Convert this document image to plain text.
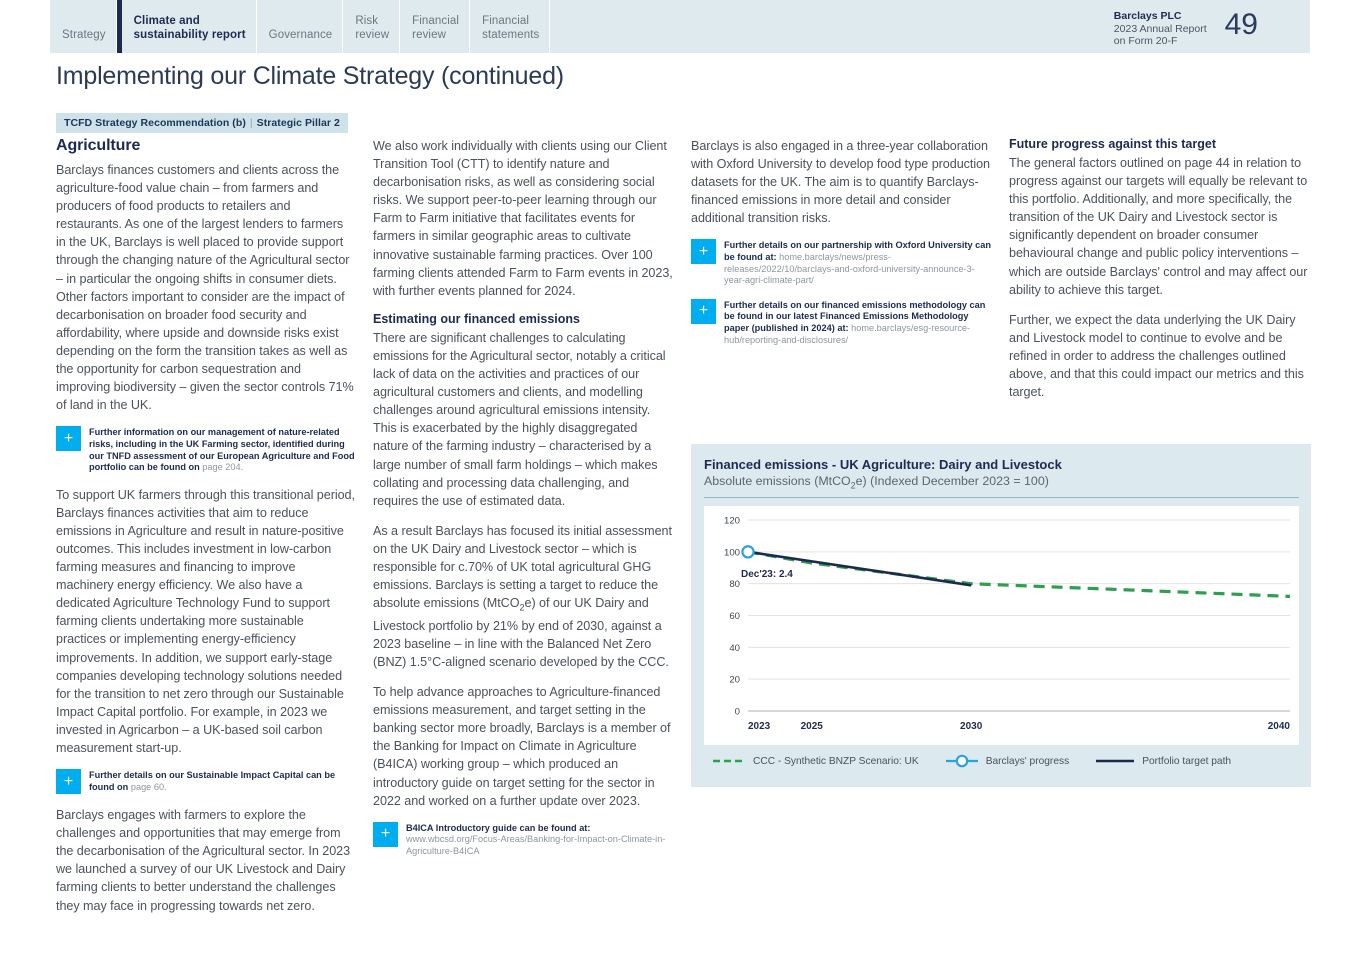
Strategy
Climate and
sustainability report Governance
Risk
review
Financial
review
Financial
statements
Barclays PLC
2023 Annual Report
on Form 20-F	49
Implementing our Climate Strategy (continued)
TCFD Strategy Recommendation (b) | Strategic Pillar 2
Agriculture

Barclays finances customers and clients across the agriculture-food value chain – from farmers and producers of food products to retailers and restaurants. As one of the largest lenders to farmers in the UK, Barclays is well placed to provide support through the changing nature of the Agricultural sector – in particular the ongoing shifts in consumer diets. Other factors important to consider are the impact of decarbonisation on broader food security and affordability, where upside and downside risks exist depending on the form the transition takes as well as the opportunity for carbon sequestration and improving biodiversity – given the sector controls 71% of land in the UK.

+	Further information on our management of nature-related risks, including in the UK Farming sector, identified during our TNFD assessment of our European Agriculture and Food portfolio can be found on page 204.

To support UK farmers through this transitional period, Barclays finances activities that aim to reduce emissions in Agriculture and result in nature-positive outcomes. This includes investment in low-carbon farming measures and financing to improve machinery energy efficiency. We also have a dedicated Agriculture Technology Fund to support farming clients undertaking more sustainable practices or implementing energy-efficiency improvements. In addition, we support early-stage companies developing technology solutions needed for the transition to net zero through our Sustainable Impact Capital portfolio. For example, in 2023 we invested in Agricarbon – a UK-based soil carbon measurement start-up.

+	Further details on our Sustainable Impact Capital can be found on page 60.

Barclays engages with farmers to explore the challenges and opportunities that may emerge from the decarbonisation of the Agricultural sector. In 2023 we launched a survey of our UK Livestock and Dairy farming clients to better understand the challenges they may face in progressing towards net zero.

We also work individually with clients using our Client Transition Tool (CTT) to identify nature and decarbonisation risks, as well as considering social risks. We support peer-to-peer learning through our Farm to Farm initiative that facilitates events for farmers in similar geographic areas to cultivate innovative sustainable farming practices. Over 100 farming clients attended Farm to Farm events in 2023, with further events planned for 2024.

Estimating our financed emissions

There are significant challenges to calculating emissions for the Agricultural sector, notably a critical lack of data on the activities and practices of our agricultural customers and clients, and modelling challenges around agricultural emissions intensity. This is exacerbated by the highly disaggregated nature of the farming industry – characterised by a large number of small farm holdings – which makes collating and processing data challenging, and requires the use of estimated data.

As a result Barclays has focused its initial assessment on the UK Dairy and Livestock sector – which is responsible for c.70% of UK total agricultural GHG emissions. Barclays is setting a target to reduce the absolute emissions (MtCO$_2$e) of our UK Dairy and Livestock portfolio by 21% by end of 2030, against a 2023 baseline – in line with the Balanced Net Zero (BNZ) 1.5°C-aligned scenario developed by the CCC.

To help advance approaches to Agriculture-financed emissions measurement, and target setting in the banking sector more broadly, Barclays is a member of the Banking for Impact on Climate in Agriculture (B4ICA) working group – which produced an introductory guide on target setting for the sector in 2022 and worked on a further update over 2023.

+	B4ICA Introductory guide can be found at: www.wbcsd.org/Focus-Areas/Banking-for-Impact-on-Climate-in-Agriculture-B4ICA

Barclays is also engaged in a three-year collaboration with Oxford University to develop food type production datasets for the UK. The aim is to quantify Barclays-financed emissions in more detail and consider additional transition risks.

+	Further details on our partnership with Oxford University can be found at: home.barclays/news/press-releases/2022/10/barclays-and-oxford-university-announce-3-year-agri-climate-part/
+	Further details on our financed emissions methodology can be found in our latest Financed Emissions Methodology paper (published in 2024) at: home.barclays/esg-resource-hub/reporting-and-disclosures/
Future progress against this target

The general factors outlined on page 44 in relation to progress against our targets will equally be relevant to this portfolio. Additionally, and more specifically, the transition of the UK Dairy and Livestock sector is significantly dependent on broader consumer behavioural change and public policy interventions – which are outside Barclays' control and may affect our ability to achieve this target.

Further, we expect the data underlying the UK Dairy and Livestock model to continue to evolve and be refined in order to address the challenges outlined above, and that this could impact our metrics and this target.

Financed emissions - UK Agriculture: Dairy and Livestock
Absolute emissions (MtCO$_2$e) (Indexed December 2023 = 100)
0
20
40
60
80
100
120
2023	2025	2030	2040
Dec'23: 2.4
CCC - Synthetic BNZP Scenario: UK	Barclays' progress	Portfolio target path
